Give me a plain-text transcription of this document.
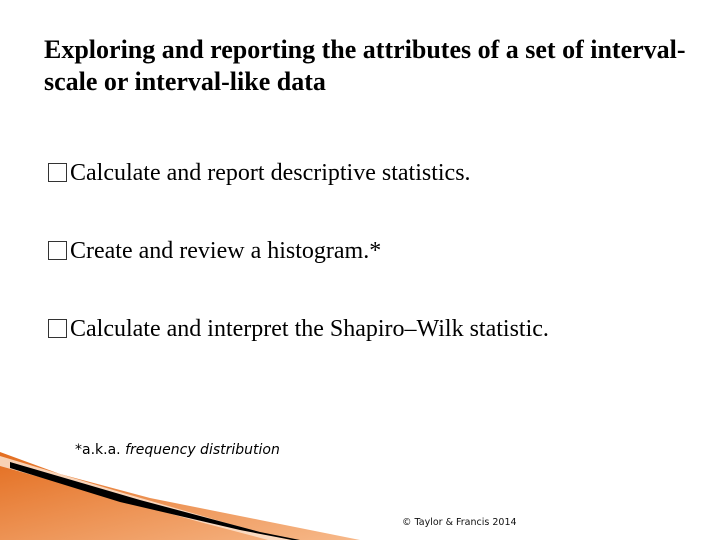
Exploring and reporting the attributes of a set of interval-scale or interval-like data
Calculate and report descriptive statistics.
Create and review a histogram.*
Calculate and interpret the Shapiro–Wilk statistic.
*a.k.a. frequency distribution
© Taylor & Francis 2014
